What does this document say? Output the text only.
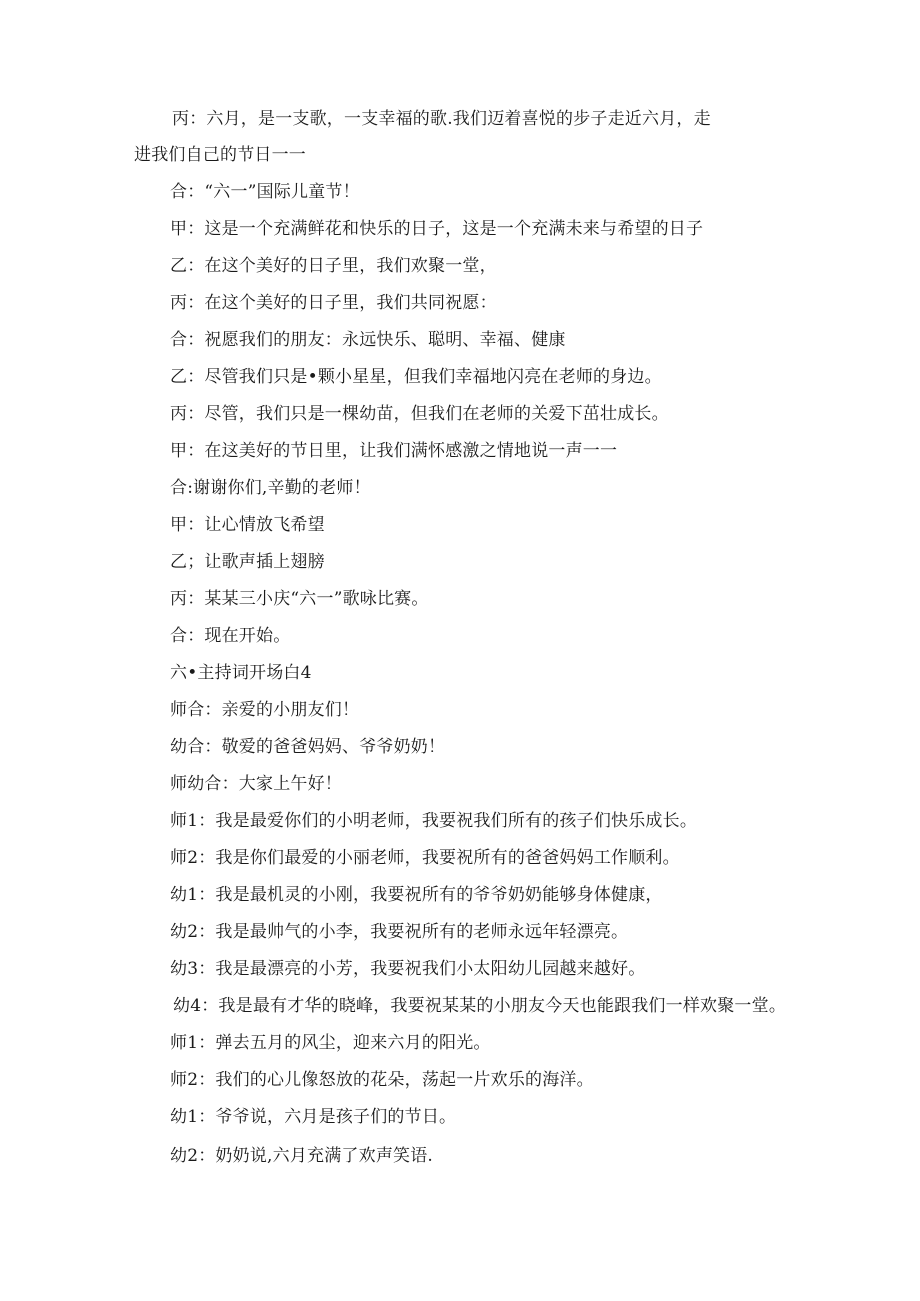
丙：六月，是一支歌，一支幸福的歌.我们迈着喜悦的步子走近六月，走
进我们自己的节日一一
合：“六一”国际儿童节！
甲：这是一个充满鲜花和快乐的日子，这是一个充满未来与希望的日子
乙：在这个美好的日子里，我们欢聚一堂，
丙：在这个美好的日子里，我们共同祝愿：
合：祝愿我们的朋友：永远快乐、聪明、幸福、健康
乙：尽管我们只是•颗小星星，但我们幸福地闪亮在老师的身边。
丙：尽管，我们只是一棵幼苗，但我们在老师的关爱下茁壮成长。
甲：在这美好的节日里，让我们满怀感激之情地说一声一一
合:谢谢你们,辛勤的老师！
甲：让心情放飞希望
乙；让歌声插上翅膀
丙：某某三小庆“六一”歌咏比赛。
合：现在开始。
六•主持词开场白4
师合：亲爱的小朋友们！
幼合：敬爱的爸爸妈妈、爷爷奶奶！
师幼合：大家上午好！
师1：我是最爱你们的小明老师，我要祝我们所有的孩子们快乐成长。
师2：我是你们最爱的小丽老师，我要祝所有的爸爸妈妈工作顺利。
幼1：我是最机灵的小刚，我要祝所有的爷爷奶奶能够身体健康，
幼2：我是最帅气的小李，我要祝所有的老师永远年轻漂亮。
幼3：我是最漂亮的小芳，我要祝我们小太阳幼儿园越来越好。
幼4：我是最有才华的晓峰，我要祝某某的小朋友今天也能跟我们一样欢聚一堂。
师1：弹去五月的风尘，迎来六月的阳光。
师2：我们的心儿像怒放的花朵，荡起一片欢乐的海洋。
幼1：爷爷说，六月是孩子们的节日。
幼2：奶奶说,六月充满了欢声笑语.
